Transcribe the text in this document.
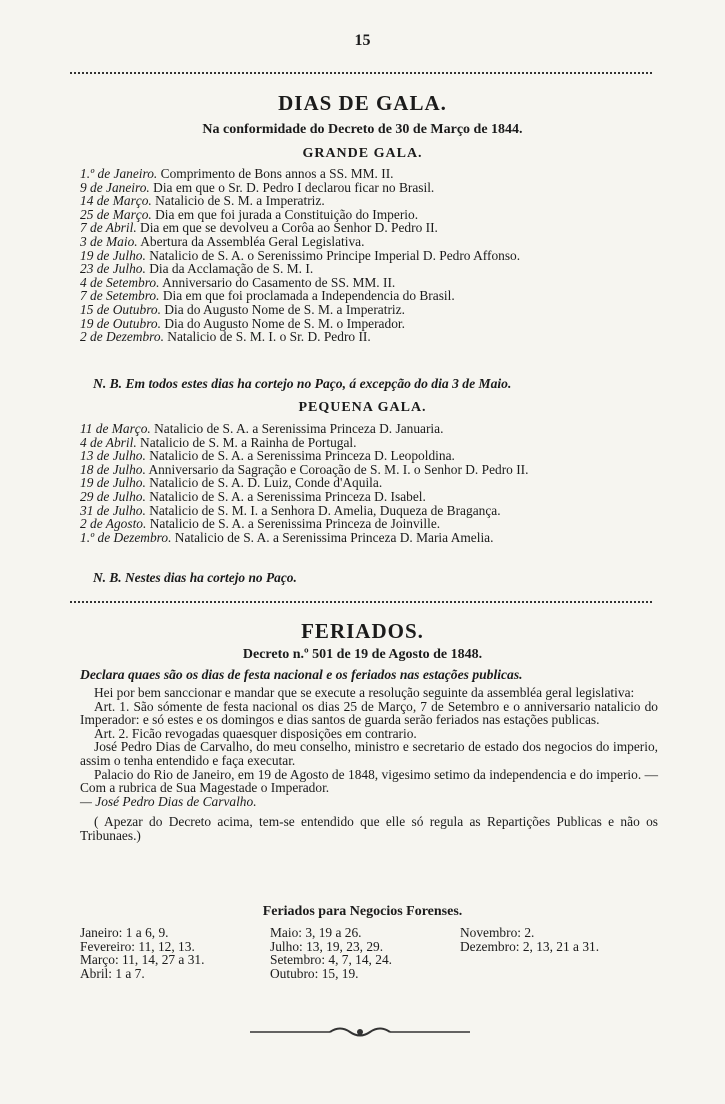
15
DIAS DE GALA.
Na conformidade do Decreto de 30 de Março de 1844.
GRANDE GALA.
1.º de Janeiro. Comprimento de Bons annos a SS. MM. II.
9 de Janeiro. Dia em que o Sr. D. Pedro I declarou ficar no Brasil.
14 de Março. Natalicio de S. M. a Imperatriz.
25 de Março. Dia em que foi jurada a Constituição do Imperio.
7 de Abril. Dia em que se devolveu a Corôa ao Senhor D. Pedro II.
3 de Maio. Abertura da Assembléa Geral Legislativa.
19 de Julho. Natalicio de S. A. o Serenissimo Principe Imperial D. Pedro Affonso.
23 de Julho. Dia da Acclamação de S. M. I.
4 de Setembro. Anniversario do Casamento de SS. MM. II.
7 de Setembro. Dia em que foi proclamada a Independencia do Brasil.
15 de Outubro. Dia do Augusto Nome de S. M. a Imperatriz.
19 de Outubro. Dia do Augusto Nome de S. M. o Imperador.
2 de Dezembro. Natalicio de S. M. I. o Sr. D. Pedro II.
N. B. Em todos estes dias ha cortejo no Paço, á excepção do dia 3 de Maio.
PEQUENA GALA.
11 de Março. Natalicio de S. A. a Serenissima Princeza D. Januaria.
4 de Abril. Natalicio de S. M. a Rainha de Portugal.
13 de Julho. Natalicio de S. A. a Serenissima Princeza D. Leopoldina.
18 de Julho. Anniversario da Sagração e Coroação de S. M. I. o Senhor D. Pedro II.
19 de Julho. Natalicio de S. A. D. Luiz, Conde d'Aquila.
29 de Julho. Natalicio de S. A. a Serenissima Princeza D. Isabel.
31 de Julho. Natalicio de S. M. I. a Senhora D. Amelia, Duqueza de Bragança.
2 de Agosto. Natalicio de S. A. a Serenissima Princeza de Joinville.
1.º de Dezembro. Natalicio de S. A. a Serenissima Princeza D. Maria Amelia.
N. B. Nestes dias ha cortejo no Paço.
FERIADOS.
Decreto n.º 501 de 19 de Agosto de 1848.
Declara quaes são os dias de festa nacional e os feriados nas estações publicas.

Hei por bem sanccionar e mandar que se execute a resolução seguinte da assembléa geral legislativa:

Art. 1. São sómente de festa nacional os dias 25 de Março, 7 de Setembro e o anniversario natalicio do Imperador: e só estes e os domingos e dias santos de guarda serão feriados nas estações publicas.

Art. 2. Ficão revogadas quaesquer disposições em contrario.

José Pedro Dias de Carvalho, do meu conselho, ministro e secretario de estado dos negocios do imperio, assim o tenha entendido e faça executar.

Palacio do Rio de Janeiro, em 19 de Agosto de 1848, vigesimo setimo da independencia e do imperio. — Com a rubrica de Sua Magestade o Imperador.

— José Pedro Dias de Carvalho.

( Apezar do Decreto acima, tem-se entendido que elle só regula as Repartições Publicas e não os Tribunaes.)

Feriados para Negocios Forenses.
Janeiro: 1 a 6, 9.	Maio: 3, 19 a 26.	Novembro: 2.
Fevereiro: 11, 12, 13.	Julho: 13, 19, 23, 29.	Dezembro: 2, 13, 21 a 31.
Março: 11, 14, 27 a 31.	Setembro: 4, 7, 14, 24.
Abril: 1 a 7.	Outubro: 15, 19.
